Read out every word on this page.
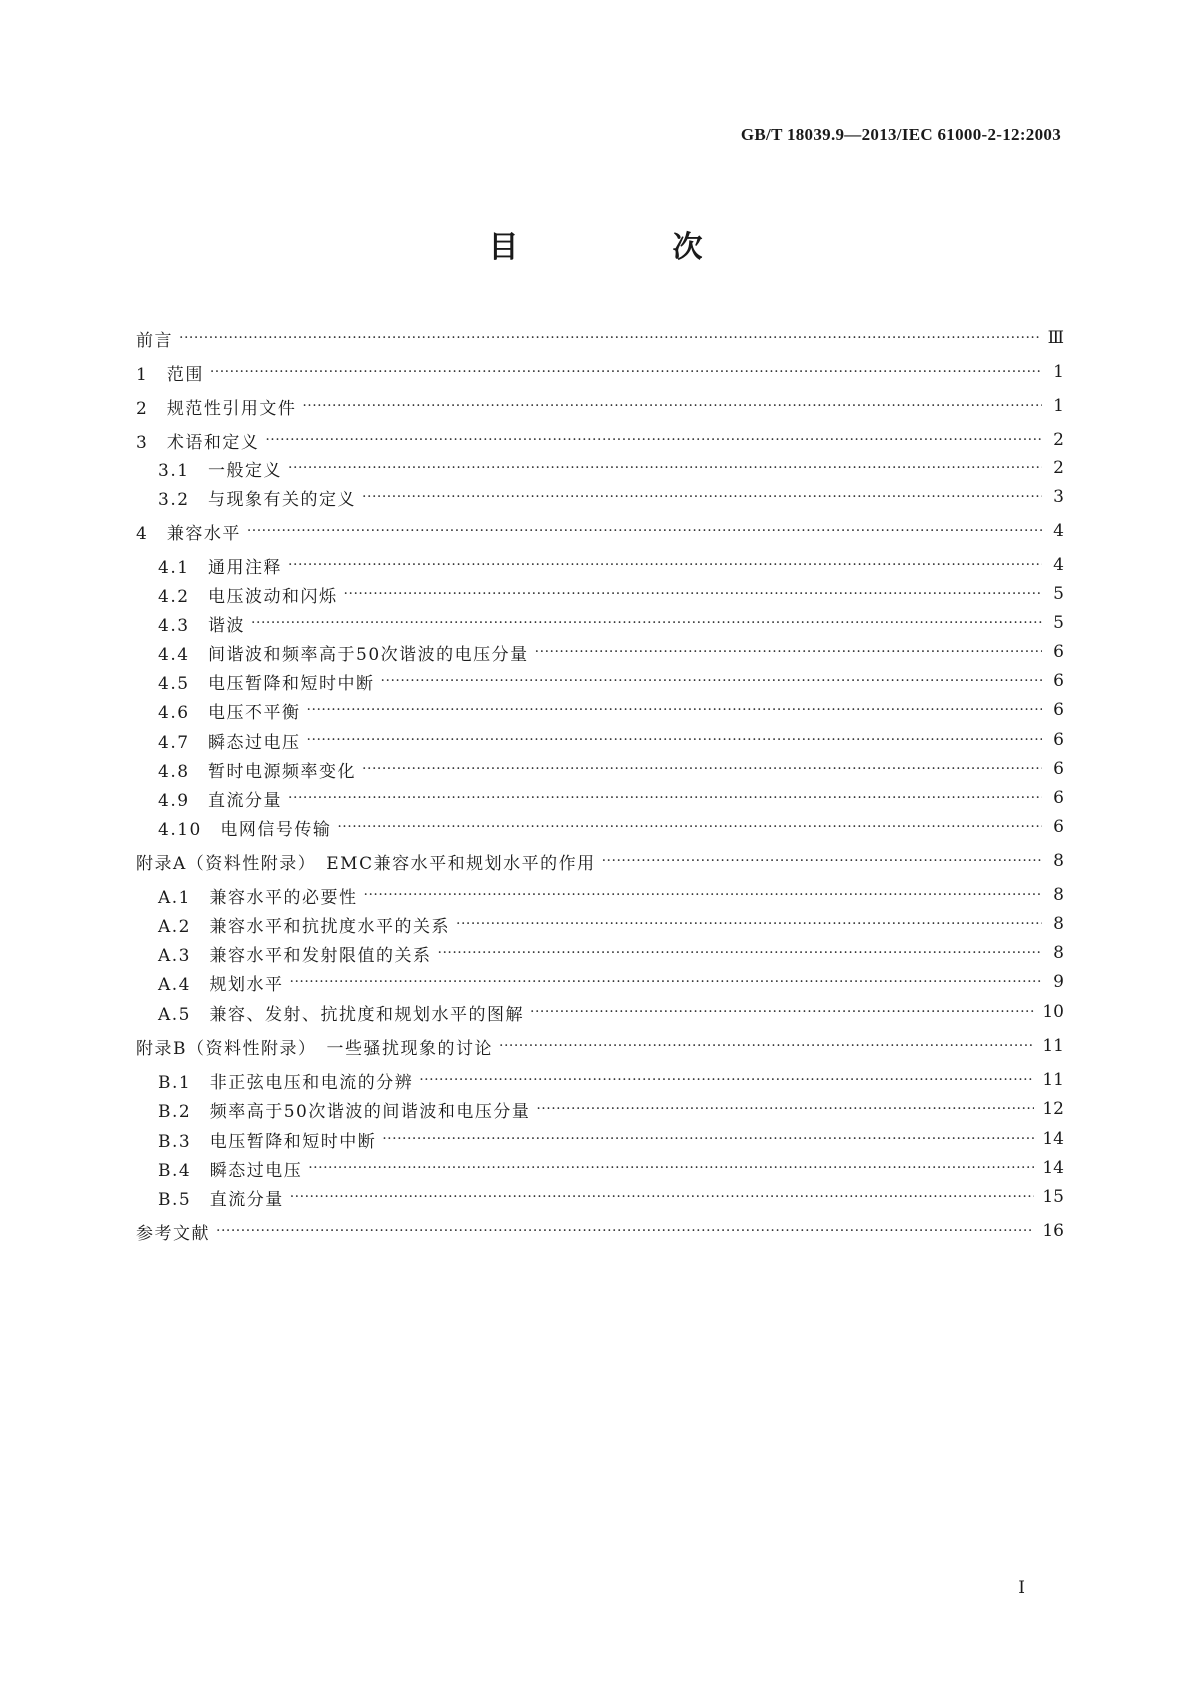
GB/T 18039.9—2013/IEC 61000-2-12:2003
目　次
前言 ·····	Ⅲ
1　范围 ·····	1
2　规范性引用文件 ·····	1
3　术语和定义 ·····	2
3.1　一般定义 ·····	2
3.2　与现象有关的定义 ·····	3
4　兼容水平 ·····	4
4.1　通用注释 ·····	4
4.2　电压波动和闪烁 ·····	5
4.3　谐波 ·····	5
4.4　间谐波和频率高于50次谐波的电压分量 ·····	6
4.5　电压暂降和短时中断 ·····	6
4.6　电压不平衡 ·····	6
4.7　瞬态过电压 ·····	6
4.8　暂时电源频率变化 ·····	6
4.9　直流分量 ·····	6
4.10　电网信号传输 ·····	6
附录A（资料性附录）　EMC兼容水平和规划水平的作用 ·····	8
A.1　兼容水平的必要性 ·····	8
A.2　兼容水平和抗扰度水平的关系 ·····	8
A.3　兼容水平和发射限值的关系 ·····	8
A.4　规划水平 ·····	9
A.5　兼容、发射、抗扰度和规划水平的图解 ·····	10
附录B（资料性附录）　一些骚扰现象的讨论 ·····	11
B.1　非正弦电压和电流的分辨 ·····	11
B.2　频率高于50次谐波的间谐波和电压分量 ·····	12
B.3　电压暂降和短时中断 ·····	14
B.4　瞬态过电压 ·····	14
B.5　直流分量 ·····	15
参考文献 ·····	16
I
